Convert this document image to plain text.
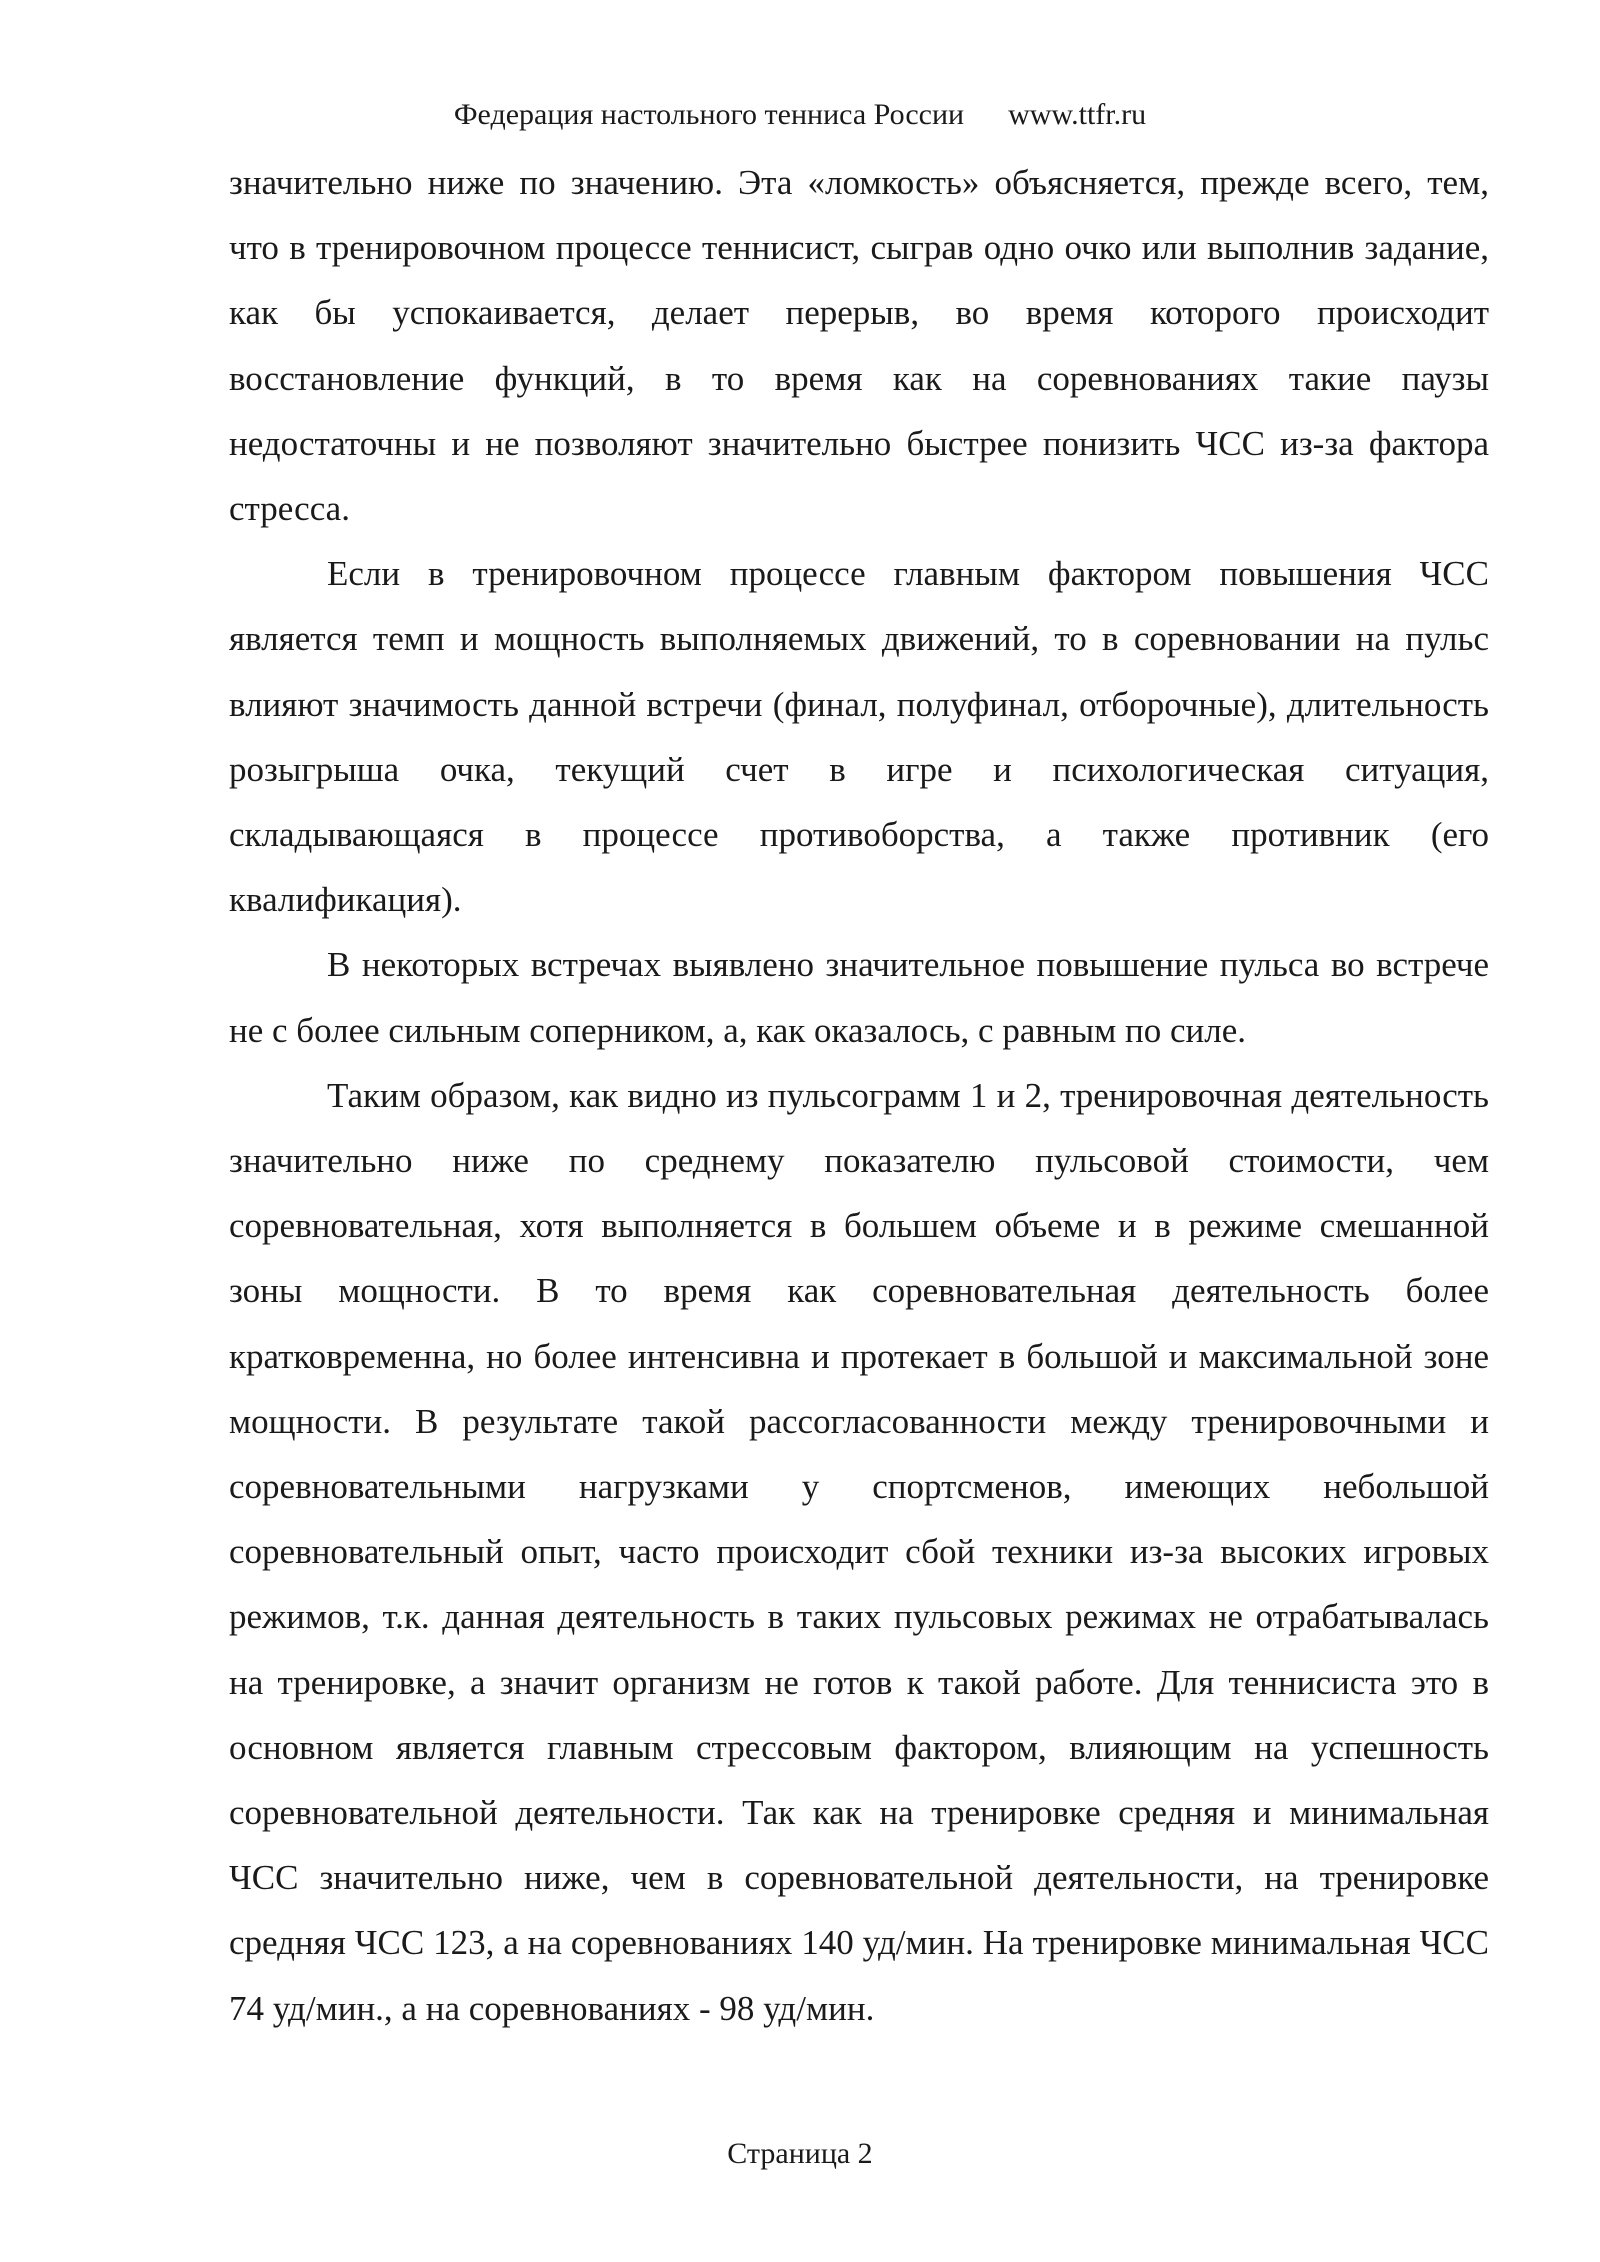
Федерация настольного тенниса России www.ttfr.ru

значительно ниже по значению. Эта «ломкость» объясняется, прежде всего, тем, что в тренировочном процессе теннисист, сыграв одно очко или выполнив задание, как бы успокаивается, делает перерыв, во время которого происходит восстановление функций, в то время как на соревнованиях такие паузы недостаточны и не позволяют значительно быстрее понизить ЧСС из-за фактора стресса.

Если в тренировочном процессе главным фактором повышения ЧСС является темп и мощность выполняемых движений, то в соревновании на пульс влияют значимость данной встречи (финал, полуфинал, отборочные), длительность розыгрыша очка, текущий счет в игре и психологическая ситуация, складывающаяся в процессе противоборства, а также противник (его квалификация).

В некоторых встречах выявлено значительное повышение пульса во встрече не с более сильным соперником, а, как оказалось, с равным по силе.

Таким образом, как видно из пульсограмм 1 и 2, тренировочная деятельность значительно ниже по среднему показателю пульсовой стоимости, чем соревновательная, хотя выполняется в большем объеме и в режиме смешанной зоны мощности. В то время как соревновательная деятельность более кратковременна, но более интенсивна и протекает в большой и максимальной зоне мощности. В результате такой рассогласованности между тренировочными и соревновательными нагрузками у спортсменов, имеющих небольшой соревновательный опыт, часто происходит сбой техники из-за высоких игровых режимов, т.к. данная деятельность в таких пульсовых режимах не отрабатывалась на тренировке, а значит организм не готов к такой работе. Для теннисиста это в основном является главным стрессовым фактором, влияющим на успешность соревновательной деятельности. Так как на тренировке средняя и минимальная ЧСС значительно ниже, чем в соревновательной деятельности, на тренировке средняя ЧСС 123, а на соревнованиях 140 уд/мин. На тренировке минимальная ЧСС 74 уд/мин., а на соревнованиях - 98 уд/мин.

Страница 2
